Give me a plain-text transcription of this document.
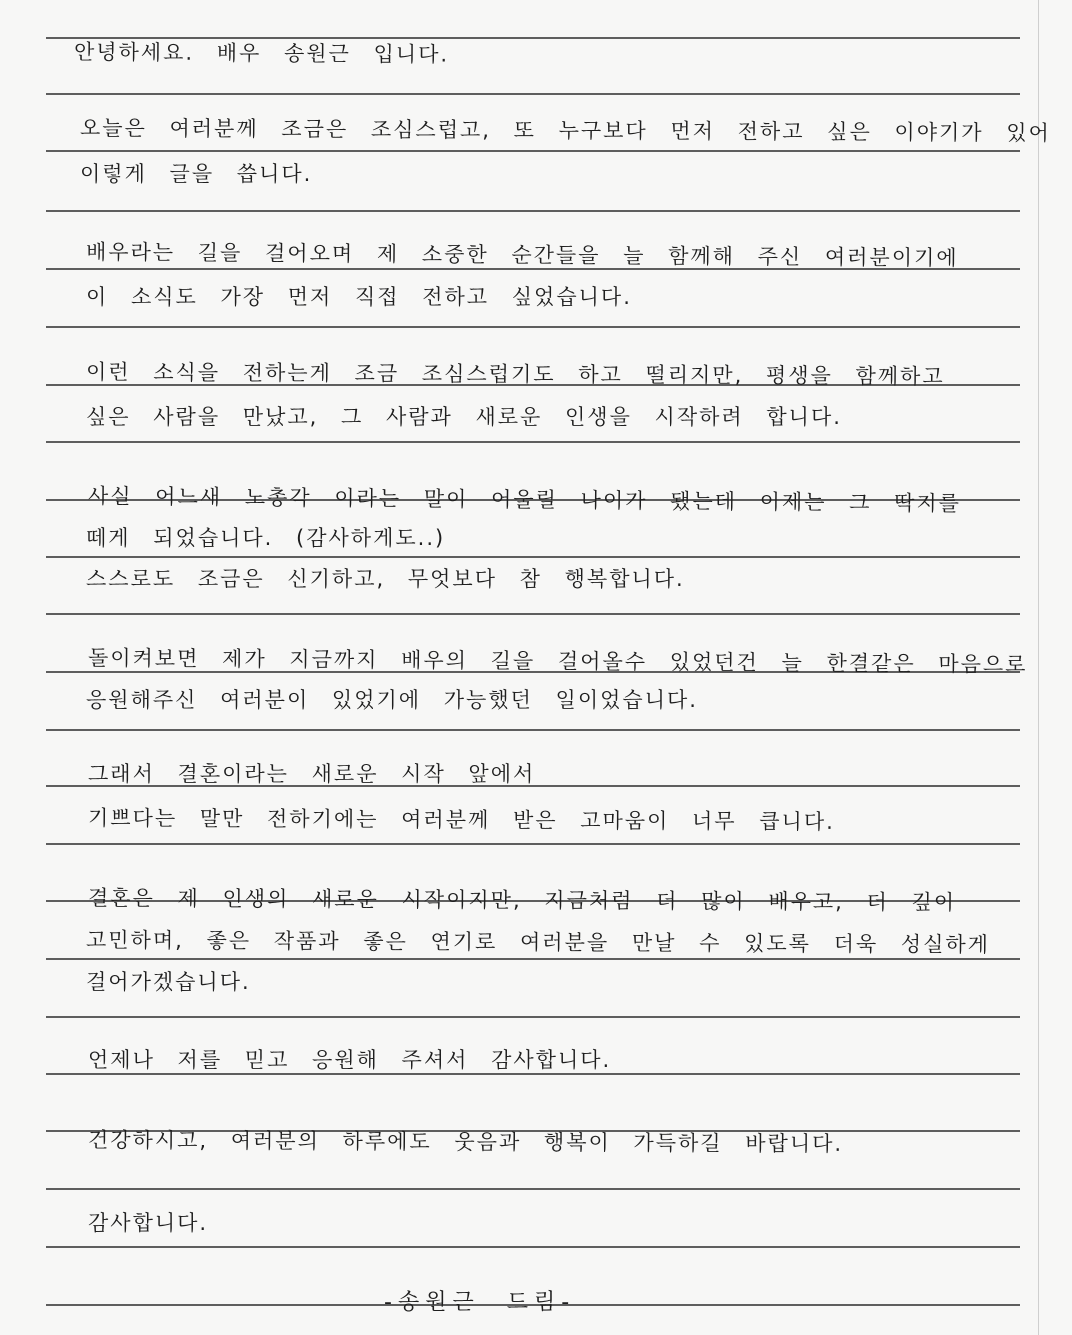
안녕하세요. 배우 송원근 입니다.
오늘은 여러분께 조금은 조심스럽고, 또 누구보다 먼저 전하고 싶은 이야기가 있어
이렇게 글을 씁니다.
배우라는 길을 걸어오며 제 소중한 순간들을 늘 함께해 주신 여러분이기에
이 소식도 가장 먼저 직접 전하고 싶었습니다.
이런 소식을 전하는게 조금 조심스럽기도 하고 떨리지만, 평생을 함께하고
싶은 사람을 만났고, 그 사람과 새로운 인생을 시작하려 합니다.
사실 어느새 노총각 이라는 말이 어울릴 나이가 됐는데 이제는 그 딱지를
떼게 되었습니다. (감사하게도..)
스스로도 조금은 신기하고, 무엇보다 참 행복합니다.
돌이켜보면 제가 지금까지 배우의 길을 걸어올수 있었던건 늘 한결같은 마음으로
응원해주신 여러분이 있었기에 가능했던 일이었습니다.
그래서 결혼이라는 새로운 시작 앞에서
기쁘다는 말만 전하기에는 여러분께 받은 고마움이 너무 큽니다.
결혼은 제 인생의 새로운 시작이지만, 지금처럼 더 많이 배우고, 더 깊이
고민하며, 좋은 작품과 좋은 연기로 여러분을 만날 수 있도록 더욱 성실하게
걸어가겠습니다.
언제나 저를 믿고 응원해 주셔서 감사합니다.
건강하시고, 여러분의 하루에도 웃음과 행복이 가득하길 바랍니다.
감사합니다.
-송원근 드림-
